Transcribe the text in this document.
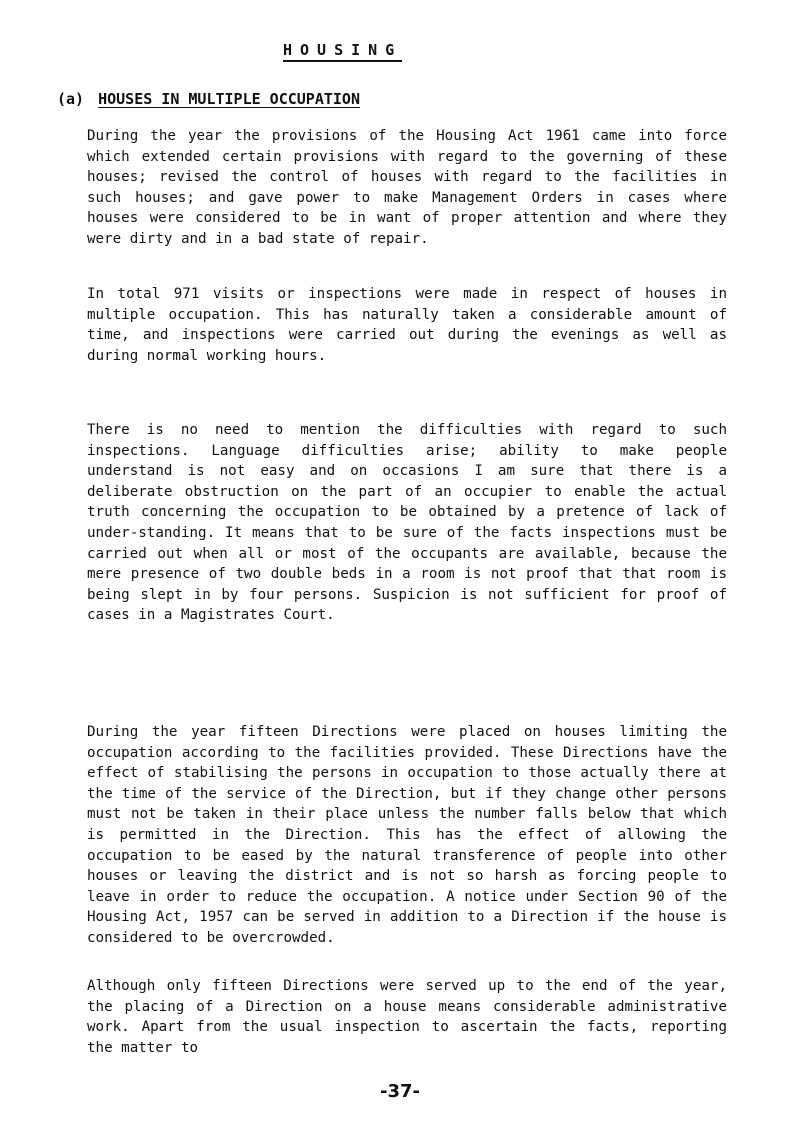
HOUSING
(a) HOUSES IN MULTIPLE OCCUPATION

During the year the provisions of the Housing Act 1961 came into force which extended certain provisions with regard to the governing of these houses; revised the control of houses with regard to the facilities in such houses; and gave power to make Management Orders in cases where houses were considered to be in want of proper attention and where they were dirty and in a bad state of repair.

In total 971 visits or inspections were made in respect of houses in multiple occupation. This has naturally taken a considerable amount of time, and inspections were carried out during the evenings as well as during normal working hours.

There is no need to mention the difficulties with regard to such inspections. Language difficulties arise; ability to make people understand is not easy and on occasions I am sure that there is a deliberate obstruction on the part of an occupier to enable the actual truth concerning the occupation to be obtained by a pretence of lack of under-standing. It means that to be sure of the facts inspections must be carried out when all or most of the occupants are available, because the mere presence of two double beds in a room is not proof that that room is being slept in by four persons. Suspicion is not sufficient for proof of cases in a Magistrates Court.

During the year fifteen Directions were placed on houses limiting the occupation according to the facilities provided. These Directions have the effect of stabilising the persons in occupation to those actually there at the time of the service of the Direction, but if they change other persons must not be taken in their place unless the number falls below that which is permitted in the Direction. This has the effect of allowing the occupation to be eased by the natural transference of people into other houses or leaving the district and is not so harsh as forcing people to leave in order to reduce the occupation. A notice under Section 90 of the Housing Act, 1957 can be served in addition to a Direction if the house is considered to be overcrowded.

Although only fifteen Directions were served up to the end of the year, the placing of a Direction on a house means considerable administrative work. Apart from the usual inspection to ascertain the facts, reporting the matter to

-37-
